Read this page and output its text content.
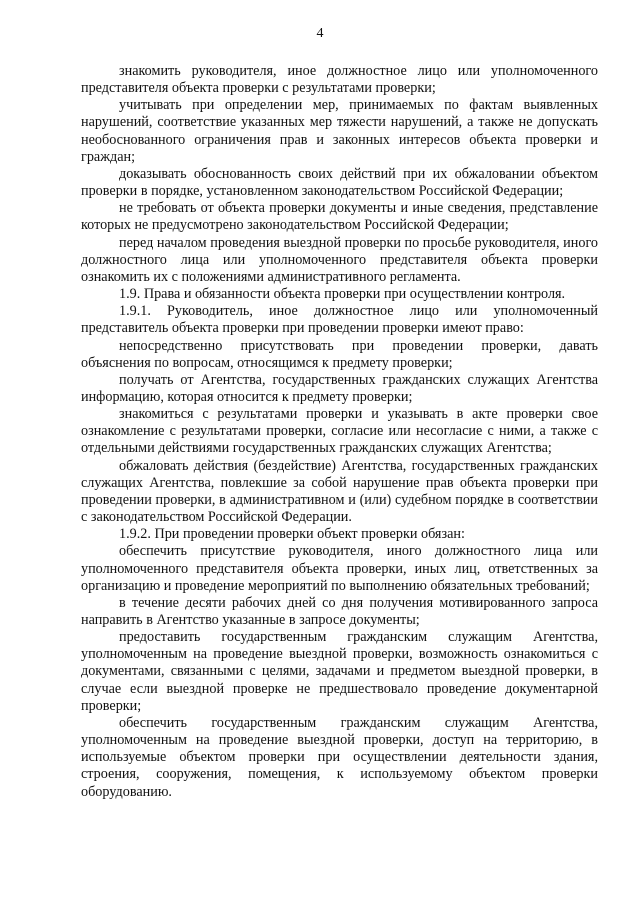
4

знакомить руководителя, иное должностное лицо или уполномоченного представителя объекта проверки с результатами проверки;

учитывать при определении мер, принимаемых по фактам выявленных нарушений, соответствие указанных мер тяжести нарушений, а также не допускать необоснованного ограничения прав и законных интересов объекта проверки и граждан;

доказывать обоснованность своих действий при их обжаловании объектом проверки в порядке, установленном законодательством Российской Федерации;

не требовать от объекта проверки документы и иные сведения, представление которых не предусмотрено законодательством Российской Федерации;

перед началом проведения выездной проверки по просьбе руководителя, иного должностного лица или уполномоченного представителя объекта проверки ознакомить их с положениями административного регламента.

1.9. Права и обязанности объекта проверки при осуществлении контроля.

1.9.1. Руководитель, иное должностное лицо или уполномоченный представитель объекта проверки при проведении проверки имеют право:

непосредственно присутствовать при проведении проверки, давать объяснения по вопросам, относящимся к предмету проверки;

получать от Агентства, государственных гражданских служащих Агентства информацию, которая относится к предмету проверки;

знакомиться с результатами проверки и указывать в акте проверки свое ознакомление с результатами проверки, согласие или несогласие с ними, а также с отдельными действиями государственных гражданских служащих Агентства;

обжаловать действия (бездействие) Агентства, государственных гражданских служащих Агентства, повлекшие за собой нарушение прав объекта проверки при проведении проверки, в административном и (или) судебном порядке в соответствии с законодательством Российской Федерации.

1.9.2. При проведении проверки объект проверки обязан:

обеспечить присутствие руководителя, иного должностного лица или уполномоченного представителя объекта проверки, иных лиц, ответственных за организацию и проведение мероприятий по выполнению обязательных требований;

в течение десяти рабочих дней со дня получения мотивированного запроса направить в Агентство указанные в запросе документы;

предоставить государственным гражданским служащим Агентства, уполномоченным на проведение выездной проверки, возможность ознакомиться с документами, связанными с целями, задачами и предметом выездной проверки, в случае если выездной проверке не предшествовало проведение документарной проверки;

обеспечить государственным гражданским служащим Агентства, уполномоченным на проведение выездной проверки, доступ на территорию, в используемые объектом проверки при осуществлении деятельности здания, строения, сооружения, помещения, к используемому объектом проверки оборудованию.
